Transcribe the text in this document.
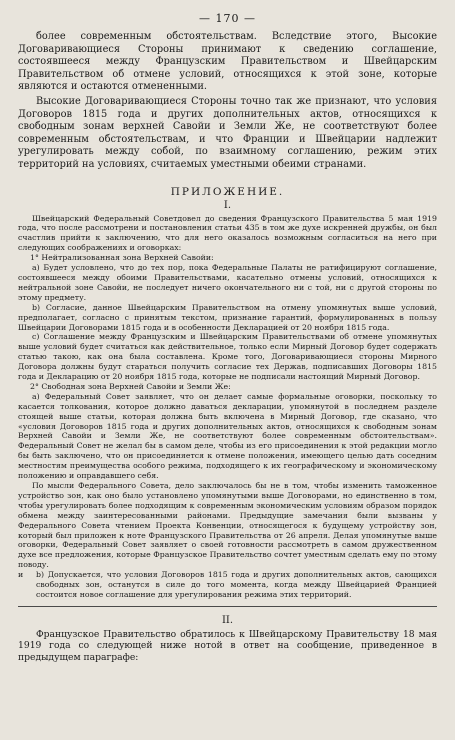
— 170 —

более современным обстоятельствам. Вследствие этого, Высокие Договаривающиеся Стороны принимают к сведению соглашение, состоявшееся между Французским Правительством и Швейцарским Правительством об отмене условий, относящихся к этой зоне, которые являются и остаются отмененными.

Высокие Договаривающиеся Стороны точно так же признают, что условия Договоров 1815 года и других дополнительных актов, относящихся к свободным зонам верхней Савойи и Земли Же, не соответствуют более современным обстоятельствам, и что Франции и Швейцарии надлежит урегулировать между собой, по взаимному соглашению, режим этих территорий на условиях, считаемых уместными обеими странами.

ПРИЛОЖЕНИЕ.
I.

Швейцарский Федеральный Советдовел до сведения Французского Правительства 5 мая 1919 года, что после рассмотрени и постановления статьи 435 в том же духе искренней дружбы, он был счастлив прийти к заключению, что для него оказалось возможным согласиться на него при следующих соображениях и оговорках:

1° Нейтрализованная зона Верхней Савойи:

а) Будет условлено, что до тех пор, пока Федеральные Палаты не ратифицируют соглашение, состоявшееся между обоими Правительствами, касательно отмены условий, относящихся к нейтральной зоне Савойи, не последует ничего окончательного ни с той, ни с другой стороны по этому предмету.

b) Согласие, данное Швейцарским Правительством на отмену упомянутых выше условий, предполагает, согласно с принятым текстом, признание гарантий, формулированных в пользу Швейцарии Договорами 1815 года и в особенности Декларацией от 20 ноября 1815 года.

с) Соглашение между Французским и Швейцарским Правительствами об отмене упомянутых выше условий будет считаться как действительное, только если Мирный Договор будет содержать статью такою, как она была составлена. Кроме того, Договаривающиеся стороны Мирного Договора должны будут стараться получить согласие тех Держав, подписавших Договоры 1815 года и Декларацию от 20 ноября 1815 года, которые не подписали настоящий Мирный Договор.

2° Свободная зона Верхней Савойи и Земли Же:

а) Федеральный Совет заявляет, что он делает самые формальные оговорки, поскольку то касается толкования, которое должно даваться декларации, упомянутой в последнем разделе стоящей выше статьи, которая должна быть включена в Мирный Договор, где сказано, что «условия Договоров 1815 года и других дополнительных актов, относящихся к свободным зонам Верхней Савойи и Земли Же, не соответствуют более современным обстоятельствам». Федеральный Совет не желал бы в самом деле, чтобы из его присоединения к этой редакции могло бы быть заключено, что он присоединяется к отмене положения, имеющего целью дать соседним местностям преимущества особого режима, подходящего к их географическому и экономическому положению и оправдавшего себя.

По мысли Федерального Совета, дело заключалось бы не в том, чтобы изменить таможенное устройство зон, как оно было установлено упомянутыми выше Договорами, но единственно в том, чтобы урегулировать более подходящим к современным экономическим условиям образом порядок обмена между заинтересованными районами. Предыдущие замечания были вызваны у Федерального Совета чтением Проекта Конвенции, относящегося к будущему устройству зон, который был приложен к ноте Французского Правительства от 26 апреля. Делая упомянутые выше оговорки, Федеральный Совет заявляет о своей готовности рассмотреть в самом дружественном духе все предложения, которые Французское Правительство сочтет уместным сделать ему по этому поводу.

и	b) Допускается, что условия Договоров 1815 года и других дополнительных актов, сающихся свободных зон, останутся в силе до того момента, когда между Швейцарией Францией состоится новое соглашение для урегулирования режима этих территорий.

II.

Французское Правительство обратилось к Швейцарскому Правительству 18 мая 1919 года со следующей ниже нотой в ответ на сообщение, приведенное в предыдущем параграфе:
